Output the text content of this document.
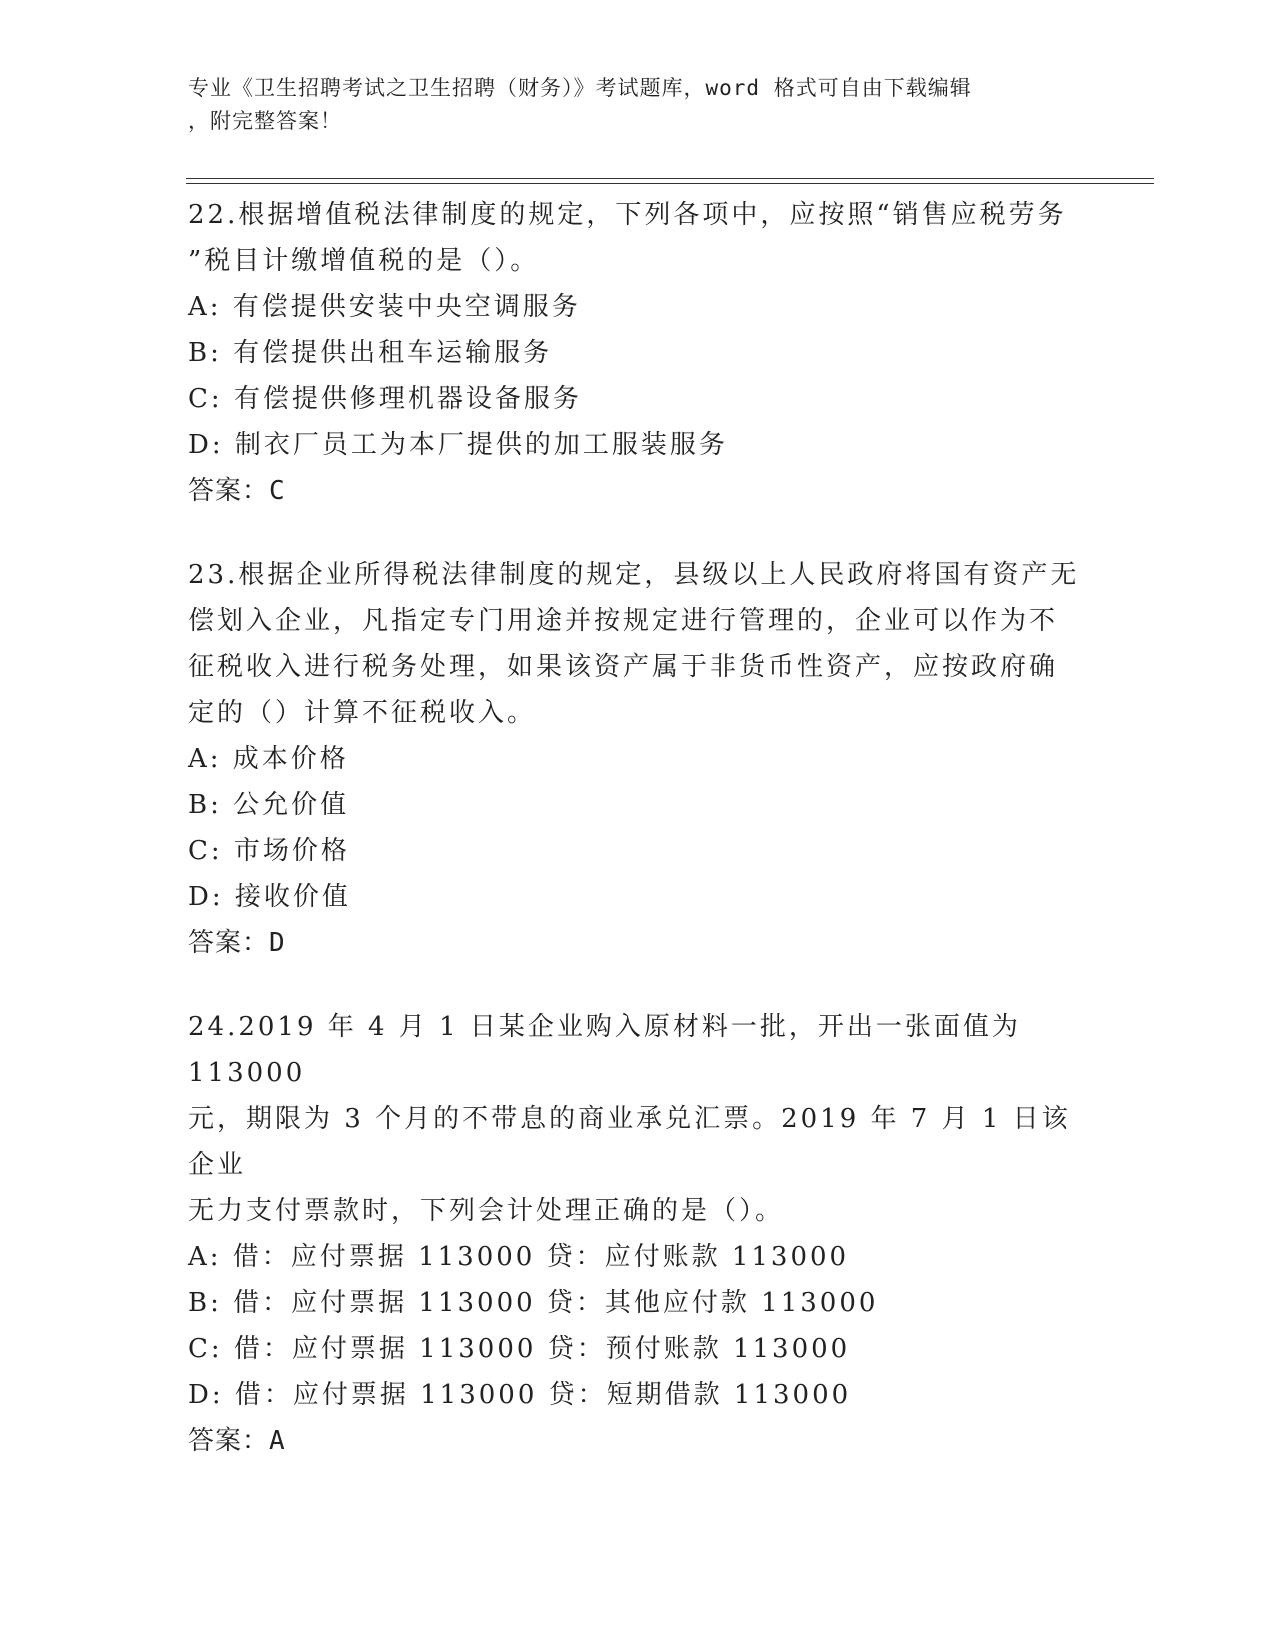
专业《卫生招聘考试之卫生招聘（财务）》考试题库，word 格式可自由下载编辑
，附完整答案！

22.根据增值税法律制度的规定，下列各项中，应按照“销售应税劳务

”税目计缴增值税的是（）。

A: 有偿提供安装中央空调服务

B: 有偿提供出租车运输服务

C: 有偿提供修理机器设备服务

D: 制衣厂员工为本厂提供的加工服装服务

答案：C

23.根据企业所得税法律制度的规定，县级以上人民政府将国有资产无

偿划入企业，凡指定专门用途并按规定进行管理的，企业可以作为不

征税收入进行税务处理，如果该资产属于非货币性资产，应按政府确

定的（）计算不征税收入。

A: 成本价格

B: 公允价值

C: 市场价格

D: 接收价值

答案：D

24.2019 年 4 月 1 日某企业购入原材料一批，开出一张面值为 113000

元，期限为 3 个月的不带息的商业承兑汇票。2019 年 7 月 1 日该企业

无力支付票款时，下列会计处理正确的是（）。

A: 借：应付票据 113000 贷：应付账款 113000

B: 借：应付票据 113000 贷：其他应付款 113000

C: 借：应付票据 113000 贷：预付账款 113000

D: 借：应付票据 113000 贷：短期借款 113000

答案：A
